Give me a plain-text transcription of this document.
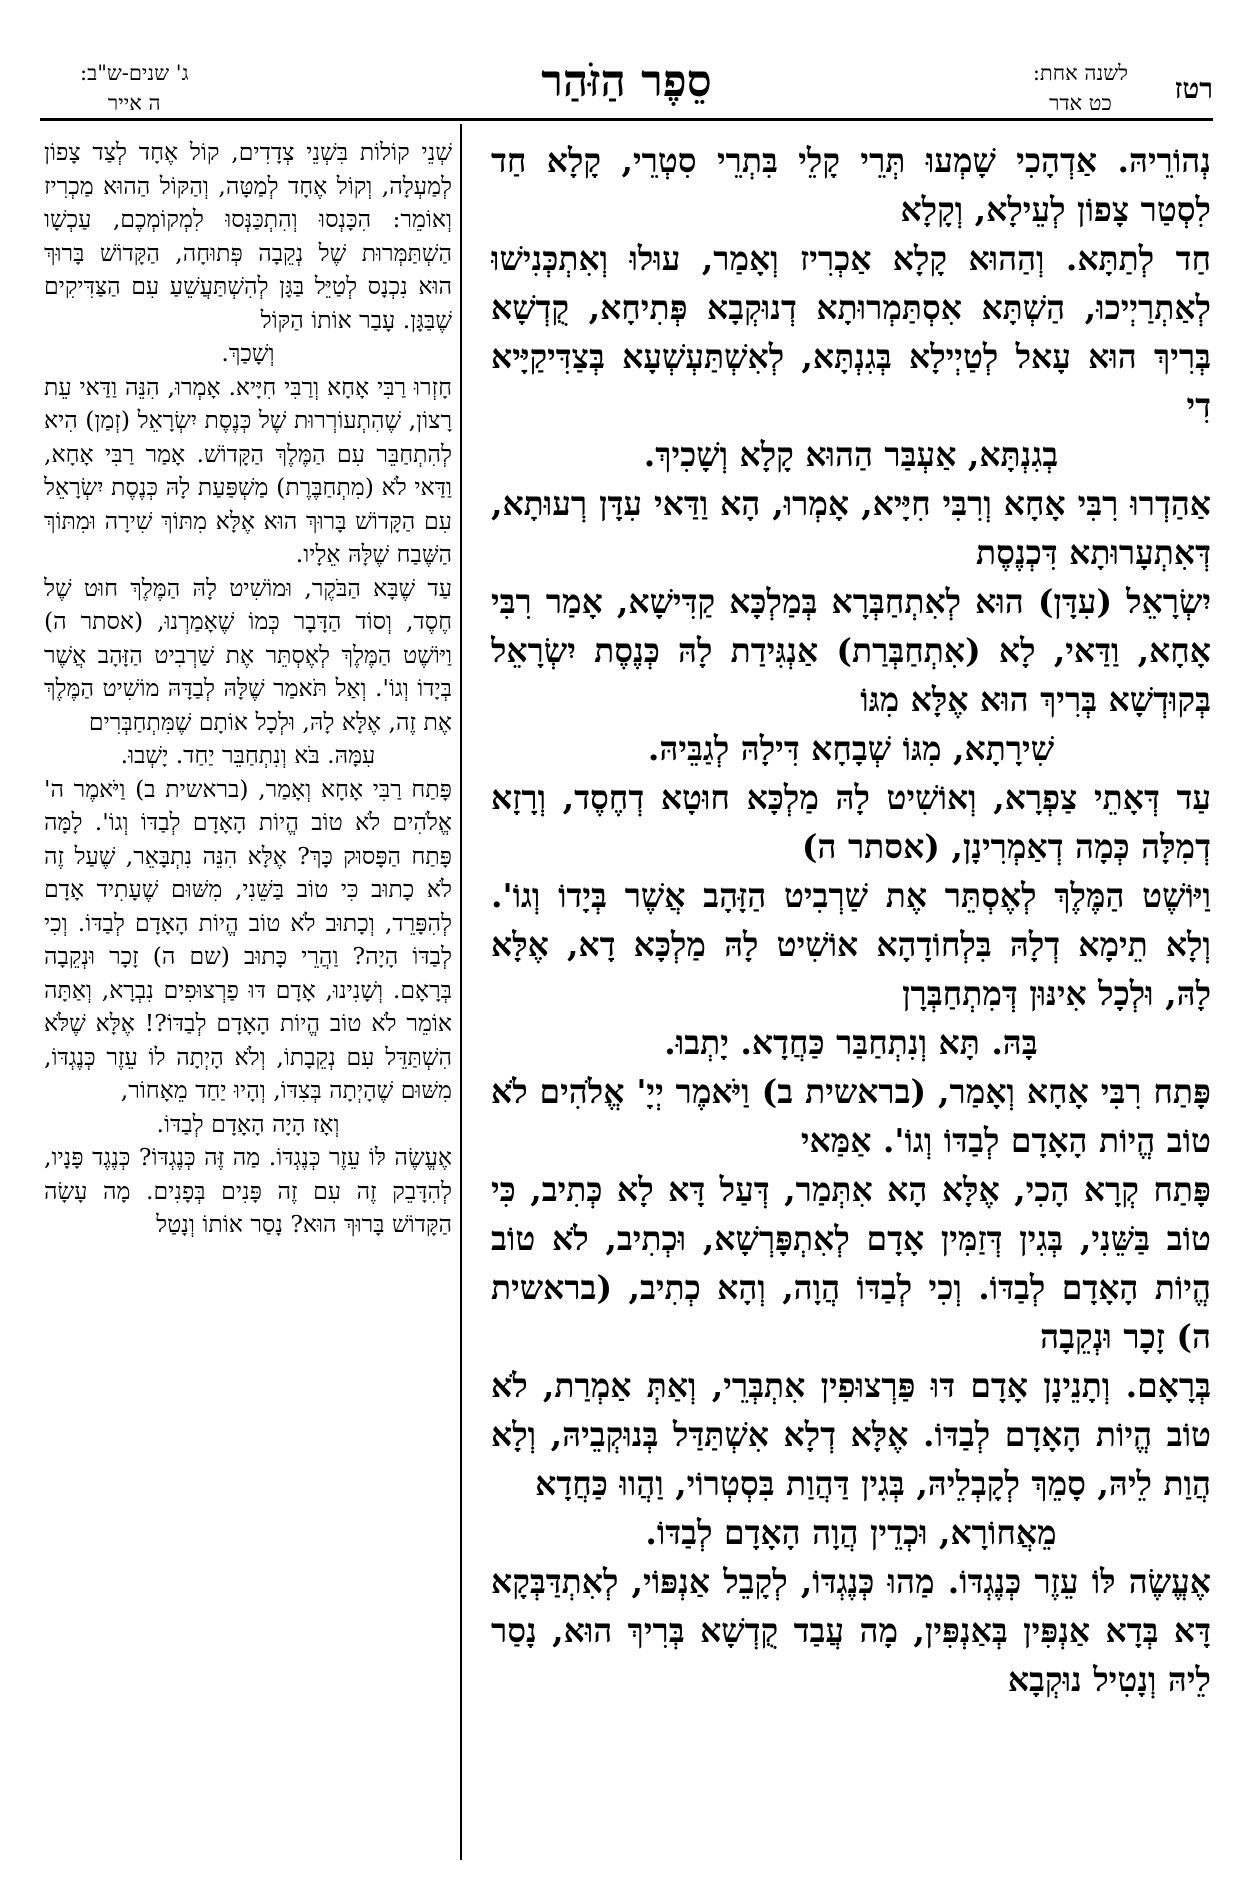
רטז
לשנה אחת:
כט אדר
סֵפֶר הַזֹּהַר
ג' שנים-ש"ב:
ה אייר

נְהוֹרֵיהּ. אַדְהָכִי שָׁמְעוּ תְּרֵי קָלֵי בִּתְרֵי סִטְרֵי, קָלָא חַד לִסְטַר צָפוֹן לְעֵילָא, וְקָלָא

חַד לְתַתָּא. וְהַהוּא קָלָא אַכְרִיז וְאָמַר, עוּלוּ וְאִתְכְּנִישׁוּ לְאַתְרַיְיכוּ, הַשְׁתָּא אִסְתַּמְרוּתָא דְנוּקְבָא פְּתִיחָא, קֻדְשָׁא בְּרִיךְ הוּא עָאל לְטַיְילָא בְּגִנְתָּא, לְאִשְׁתַּעְשְׁעָא בְּצַדִּיקַיָּיא דִי

בְגִנְתָּא, אַעְבַּר הַהוּא קָלָא וְשָׁכִיךְ.

אַהַדְרוּ רִבִּי אָחָא וְרִבִּי חִיָּיא, אָמְרוּ, הָא וַדַּאי עִדָּן רְעוּתָא, דְּאִתְעָרוּתָא דִּכְנֶסֶת

יִשְׂרָאֵל (עִדָּן) הוּא לְאִתְחַבְּרָא בְּמַלְכָּא קַדִּישָׁא, אָמַר רִבִּי אָחָא, וַדַּאי, לָא (אִתְחַבְּרַת) אַנְגִּידַת לָהּ כְּנֶסֶת יִשְׂרָאֵל בְּקוּדְשָׁא בְּרִיךְ הוּא אֶלָּא מִגּוֹ

שִׁירָתָא, מִגּוֹ שְׁבָחָא דִּילָהּ לְגַבֵּיהּ.

עַד דְּאָתֵי צַפְרָא, וְאוֹשִׁיט לָהּ מַלְכָּא חוּטָא דְחֶסֶד, וְרָזָא דְמִלָּה כְּמָה דְאַמְרִינָן, (אסתר ה)

וַיּוֹשֶׁט הַמֶּלֶךְ לְאֶסְתֵּר אֶת שַׁרְבִיט הַזָּהָב אֲשֶׁר בְּיָדוֹ וְגוֹ'. וְלָא תֵימָא דְלָהּ בִּלְחוֹדָהָא אוֹשִׁיט לָהּ מַלְכָּא דָא, אֶלָּא לָהּ, וּלְכָל אִינּוּן דְּמִתְחַבְּרָן

בָּהּ. תָּא וְנִתְחַבַּר כַּחֲדָא. יָתְבוּ.

פָּתַח רִבִּי אָחָא וְאָמַר, (בראשית ב) וַיֹּאמֶר יְיָ' אֱלֹהִים לֹא טוֹב הֱיוֹת הָאָדָם לְבַדּוֹ וְגוֹ'. אַמַּאי

פָּתַח קְרָא הָכִי, אֶלָּא הָא אִתְּמַר, דְּעַל דָּא לָא כְּתִיב, כִּי טוֹב בַּשֵּׁנִי, בְּגִין דְּזַמִּין אָדָם לְאִתְפָּרְשָׁא, וּכְתִיב, לֹא טוֹב הֱיוֹת הָאָדָם לְבַדּוֹ. וְכִי לְבַדּוֹ הֲוָה, וְהָא כְתִיב, (בראשית ה) זָכָר וּנְקֵבָה

בְּרָאָם. וְתָנֵינָן אָדָם דּוּ פַּרְצוּפִין אִתְבְּרֵי, וְאַתְּ אַמְרַת, לֹא טוֹב הֱיוֹת הָאָדָם לְבַדּוֹ. אֶלָּא דְלָא אִשְׁתַּדַּל בְּנוּקְבֵיהּ, וְלָא הֲוַת לֵיהּ, סָמֵךְ לְקָבְלֵיהּ, בְּגִין דַּהֲוַת בִּסְטְרוֹי, וַהֲווּ כַּחֲדָא

מֵאֲחוֹרָא, וּכְדֵין הֲוָה הָאָדָם לְבַדּוֹ.

אֶעֱשֶׂה לּוֹ עֵזֶר כְּנֶגְדּוֹ. מַהוּ כְּנֶגְדּוֹ, לְקָבֵל אַנְפּוֹי, לְאִתְדַּבְּקָא דָּא בְּדָא אַנְפִּין בְּאַנְפִּין, מָה עֲבַד קֻדְשָׁא בְּרִיךְ הוּא, נָסַר לֵיהּ וְנָטִיל נוּקְבָא

שְׁנֵי קוֹלוֹת בִּשְׁנֵי צְדָדִים, קוֹל אֶחָד לְצַד צָפוֹן לְמַעְלָה, וְקוֹל אֶחָד לְמַטָּה, וְהַקּוֹל הַהוּא מַכְרִיז וְאוֹמֵר: הִכָּנְסוּ וְהִתְכַּנְּסוּ לִמְקוֹמְכֶם, עַכְשָׁו הַשְׁתַּמְּרוּת שֶׁל נְקֵבָה פְּתוּחָה, הַקָּדוֹשׁ בָּרוּךְ הוּא נִכְנָס לְטַיֵּל בַּגָּן לְהִשְׁתַּעֲשֵׁעַ עִם הַצַּדִּיקִים שֶׁבַּגָּן. עָבַר אוֹתוֹ הַקּוֹל

וְשָׁכַךְ.

חָזְרוּ רַבִּי אָחָא וְרַבִּי חִיָּיא. אָמְרוּ, הִנֵּה וַדַּאי עֵת רָצוֹן, שֶׁהִתְעוֹרְרוּת שֶׁל כְּנֶסֶת יִשְׂרָאֵל (זְמַן) הִיא לְהִתְחַבֵּר עִם הַמֶּלֶךְ הַקָּדוֹשׁ. אָמַר רַבִּי אָחָא, וַדַּאי לֹא (מִתְחַבֶּרֶת) מַשְׁפַּעַת לָהּ כְּנֶסֶת יִשְׂרָאֵל עִם הַקָּדוֹשׁ בָּרוּךְ הוּא אֶלָּא מִתּוֹךְ שִׁירָה וּמִתּוֹךְ הַשֶּׁבַח שֶׁלָּהּ אֵלָיו.

עַד שֶׁבָּא הַבֹּקֶר, וּמוֹשִׁיט לָהּ הַמֶּלֶךְ חוּט שֶׁל חֶסֶד, וְסוֹד הַדָּבָר כְּמוֹ שֶׁאָמַרְנוּ, (אסתר ה) וַיּוֹשֶׁט הַמֶּלֶךְ לְאֶסְתֵּר אֶת שַׁרְבִיט הַזָּהָב אֲשֶׁר בְּיָדוֹ וְגוֹ'. וְאַל תֹּאמַר שֶׁלָּהּ לְבַדָּהּ מוֹשִׁיט הַמֶּלֶךְ אֶת זֶה, אֶלָּא לָהּ, וּלְכָל אוֹתָם שֶׁמִּתְחַבְּרִים

עִמָּהּ. בֹּא וְנִתְחַבֵּר יַחַד. יָשְׁבוּ.

פָּתַח רַבִּי אָחָא וְאָמַר, (בראשית ב) וַיֹּאמֶר ה' אֱלֹהִים לֹא טוֹב הֱיוֹת הָאָדָם לְבַדּוֹ וְגוֹ'. לָמָּה פָּתַח הַפָּסוּק כָּךְ? אֶלָּא הִנֵּה נִתְבָּאֵר, שֶׁעַל זֶה לֹא כָתוּב כִּי טוֹב בַּשֵּׁנִי, מִשּׁוּם שֶׁעָתִיד אָדָם לְהִפָּרֵד, וְכָתוּב לֹא טוֹב הֱיוֹת הָאָדָם לְבַדּוֹ. וְכִי לְבַדּוֹ הָיָה? וַהֲרֵי כָּתוּב (שם ה) זָכָר וּנְקֵבָה בְּרָאָם. וְשָׁנִינוּ, אָדָם דּוּ פַרְצוּפִים נִבְרָא, וְאַתָּה אוֹמֵר לֹא טוֹב הֱיוֹת הָאָדָם לְבַדּוֹ?! אֶלָּא שֶׁלֹּא הִשְׁתַּדֵּל עִם נְקֵבָתוֹ, וְלֹא הָיְתָה לוֹ עֵזֶר כְּנֶגְדּוֹ, מִשּׁוּם שֶׁהָיְתָה בְּצִדּוֹ, וְהָיוּ יַחַד מֵאָחוֹר,

וְאָז הָיָה הָאָדָם לְבַדּוֹ.

אֶעֱשֶׂה לּוֹ עֵזֶר כְּנֶגְדּוֹ. מַה זֶּה כְּנֶגְדּוֹ? כְּנֶגֶד פָּנָיו, לְהִדָּבֵק זֶה עִם זֶה פָּנִים בְּפָנִים. מָה עָשָׂה הַקָּדוֹשׁ בָּרוּךְ הוּא? נָסַר אוֹתוֹ וְנָטַל
